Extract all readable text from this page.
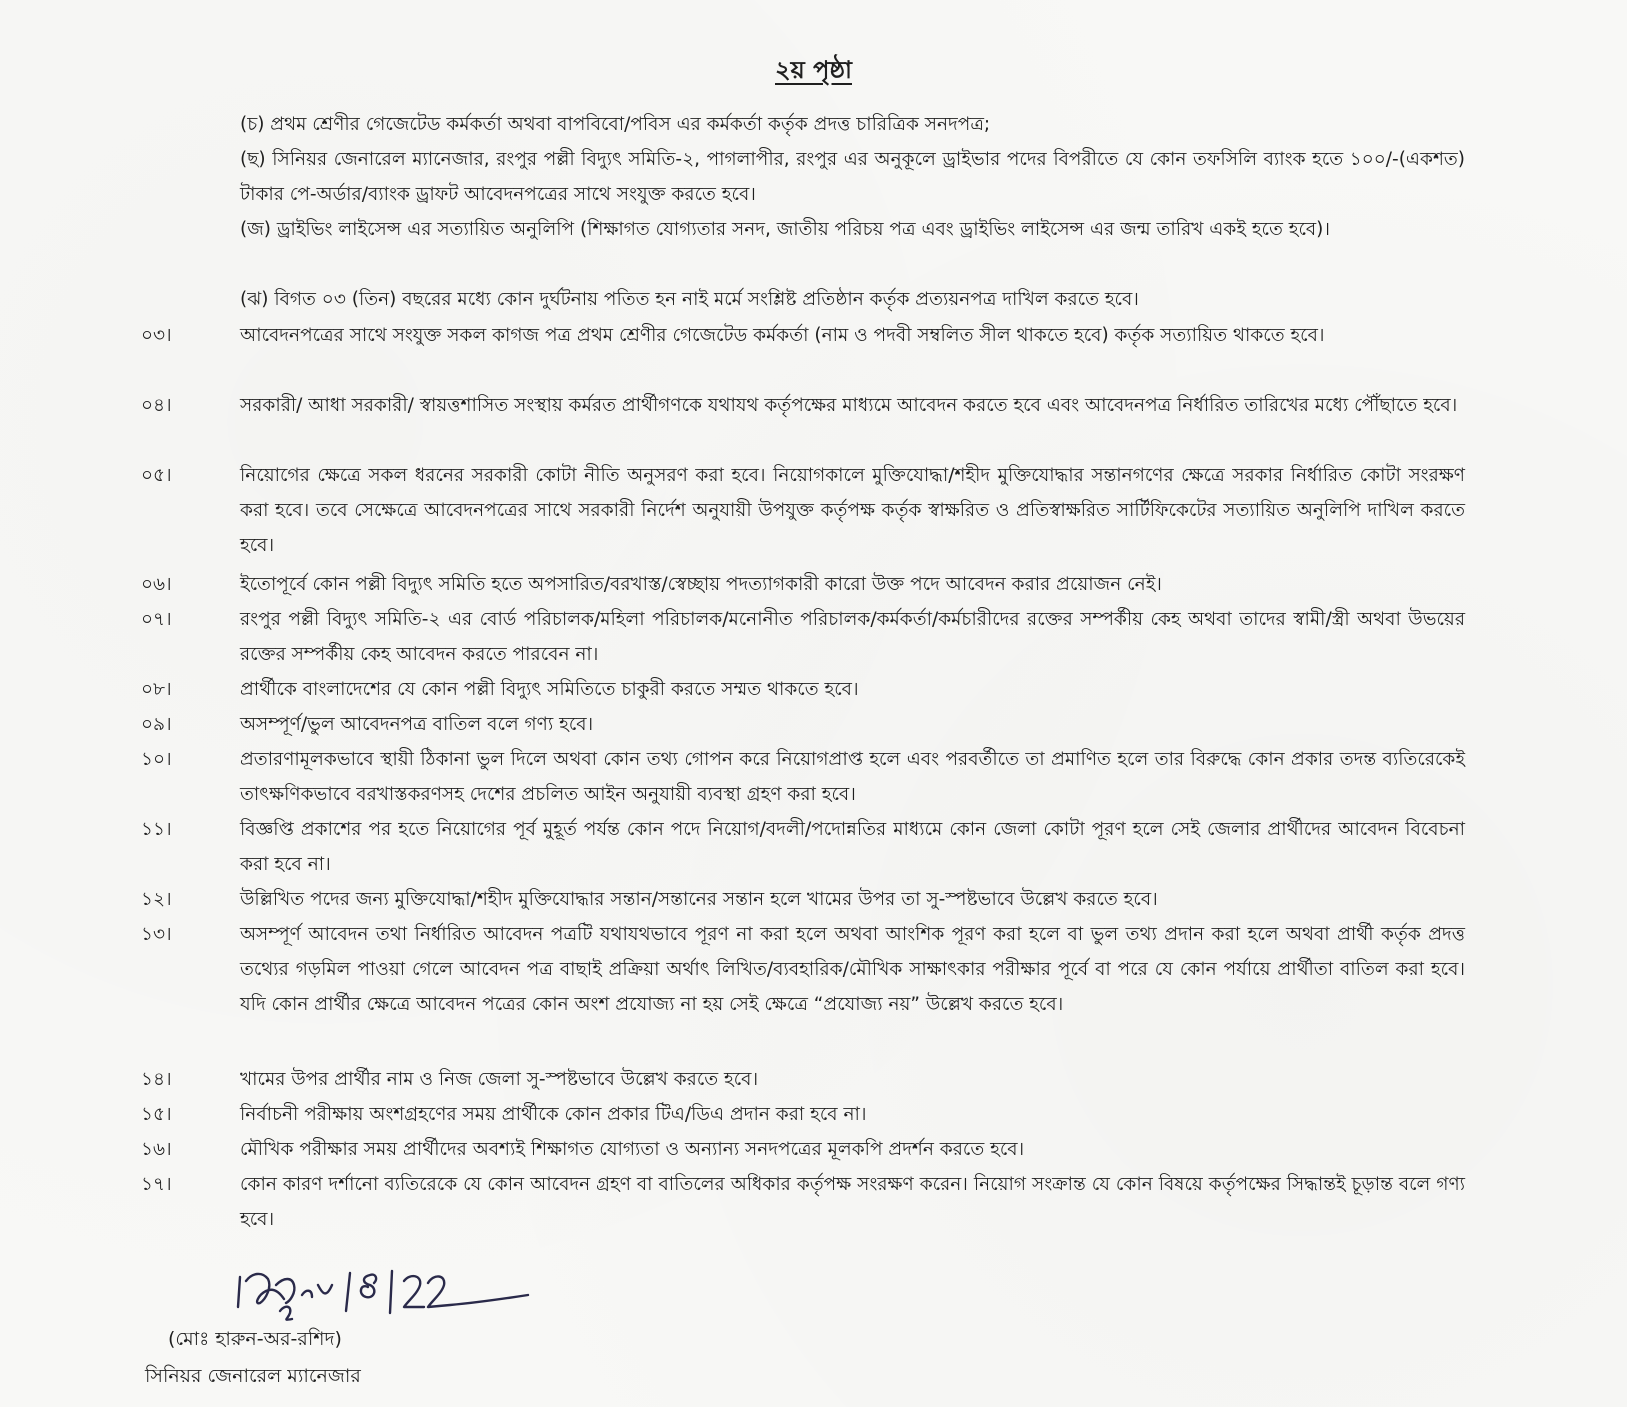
২য় পৃষ্ঠা
(চ) প্রথম শ্রেণীর গেজেটেড কর্মকর্তা অথবা বাপবিবো/পবিস এর কর্মকর্তা কর্তৃক প্রদত্ত চারিত্রিক সনদপত্র;
(ছ) সিনিয়র জেনারেল ম্যানেজার, রংপুর পল্লী বিদ্যুৎ সমিতি-২, পাগলাপীর, রংপুর এর অনুকূলে ড্রাইভার পদের বিপরীতে যে কোন তফসিলি ব্যাংক হতে ১০০/-(একশত) টাকার পে-অর্ডার/ব্যাংক ড্রাফট আবেদনপত্রের সাথে সংযুক্ত করতে হবে।
(জ) ড্রাইভিং লাইসেন্স এর সত্যায়িত অনুলিপি (শিক্ষাগত যোগ্যতার সনদ, জাতীয় পরিচয় পত্র এবং ড্রাইভিং লাইসেন্স এর জন্ম তারিখ একই হতে হবে)।
(ঝ) বিগত ০৩ (তিন) বছরের মধ্যে কোন দুর্ঘটনায় পতিত হন নাই মর্মে সংশ্লিষ্ট প্রতিষ্ঠান কর্তৃক প্রত্যয়নপত্র দাখিল করতে হবে।
০৩।	আবেদনপত্রের সাথে সংযুক্ত সকল কাগজ পত্র প্রথম শ্রেণীর গেজেটেড কর্মকর্তা (নাম ও পদবী সম্বলিত সীল থাকতে হবে) কর্তৃক সত্যায়িত থাকতে হবে।
০৪।	সরকারী/ আধা সরকারী/ স্বায়ত্তশাসিত সংস্থায় কর্মরত প্রার্থীগণকে যথাযথ কর্তৃপক্ষের মাধ্যমে আবেদন করতে হবে এবং আবেদনপত্র নির্ধারিত তারিখের মধ্যে পৌঁছাতে হবে।
০৫।	নিয়োগের ক্ষেত্রে সকল ধরনের সরকারী কোটা নীতি অনুসরণ করা হবে। নিয়োগকালে মুক্তিযোদ্ধা/শহীদ মুক্তিযোদ্ধার সন্তানগণের ক্ষেত্রে সরকার নির্ধারিত কোটা সংরক্ষণ করা হবে। তবে সেক্ষেত্রে আবেদনপত্রের সাথে সরকারী নির্দেশ অনুযায়ী উপযুক্ত কর্তৃপক্ষ কর্তৃক স্বাক্ষরিত ও প্রতিস্বাক্ষরিত সার্টিফিকেটের সত্যায়িত অনুলিপি দাখিল করতে হবে।
০৬।	ইতোপূর্বে কোন পল্লী বিদ্যুৎ সমিতি হতে অপসারিত/বরখাস্ত/স্বেচ্ছায় পদত্যাগকারী কারো উক্ত পদে আবেদন করার প্রয়োজন নেই।
০৭।	রংপুর পল্লী বিদ্যুৎ সমিতি-২ এর বোর্ড পরিচালক/মহিলা পরিচালক/মনোনীত পরিচালক/কর্মকর্তা/কর্মচারীদের রক্তের সম্পর্কীয় কেহ অথবা তাদের স্বামী/স্ত্রী অথবা উভয়ের রক্তের সম্পর্কীয় কেহ আবেদন করতে পারবেন না।
০৮।	প্রার্থীকে বাংলাদেশের যে কোন পল্লী বিদ্যুৎ সমিতিতে চাকুরী করতে সম্মত থাকতে হবে।
০৯।	অসম্পূর্ণ/ভুল আবেদনপত্র বাতিল বলে গণ্য হবে।
১০।	প্রতারণামূলকভাবে স্থায়ী ঠিকানা ভুল দিলে অথবা কোন তথ্য গোপন করে নিয়োগপ্রাপ্ত হলে এবং পরবর্তীতে তা প্রমাণিত হলে তার বিরুদ্ধে কোন প্রকার তদন্ত ব্যতিরেকেই তাৎক্ষণিকভাবে বরখাস্তকরণসহ দেশের প্রচলিত আইন অনুযায়ী ব্যবস্থা গ্রহণ করা হবে।
১১।	বিজ্ঞপ্তি প্রকাশের পর হতে নিয়োগের পূর্ব মুহূর্ত পর্যন্ত কোন পদে নিয়োগ/বদলী/পদোন্নতির মাধ্যমে কোন জেলা কোটা পূরণ হলে সেই জেলার প্রার্থীদের আবেদন বিবেচনা করা হবে না।
১২।	উল্লিখিত পদের জন্য মুক্তিযোদ্ধা/শহীদ মুক্তিযোদ্ধার সন্তান/সন্তানের সন্তান হলে খামের উপর তা সু-স্পষ্টভাবে উল্লেখ করতে হবে।
১৩।	অসম্পূর্ণ আবেদন তথা নির্ধারিত আবেদন পত্রটি যথাযথভাবে পূরণ না করা হলে অথবা আংশিক পূরণ করা হলে বা ভুল তথ্য প্রদান করা হলে অথবা প্রার্থী কর্তৃক প্রদত্ত তথ্যের গড়মিল পাওয়া গেলে আবেদন পত্র বাছাই প্রক্রিয়া অর্থাৎ লিখিত/ব্যবহারিক/মৌখিক সাক্ষাৎকার পরীক্ষার পূর্বে বা পরে যে কোন পর্যায়ে প্রার্থীতা বাতিল করা হবে। যদি কোন প্রার্থীর ক্ষেত্রে আবেদন পত্রের কোন অংশ প্রযোজ্য না হয় সেই ক্ষেত্রে “প্রযোজ্য নয়” উল্লেখ করতে হবে।
১৪।	খামের উপর প্রার্থীর নাম ও নিজ জেলা সু-স্পষ্টভাবে উল্লেখ করতে হবে।
১৫।	নির্বাচনী পরীক্ষায় অংশগ্রহণের সময় প্রার্থীকে কোন প্রকার টিএ/ডিএ প্রদান করা হবে না।
১৬।	মৌখিক পরীক্ষার সময় প্রার্থীদের অবশ্যই শিক্ষাগত যোগ্যতা ও অন্যান্য সনদপত্রের মূলকপি প্রদর্শন করতে হবে।
১৭।	কোন কারণ দর্শানো ব্যতিরেকে যে কোন আবেদন গ্রহণ বা বাতিলের অধিকার কর্তৃপক্ষ সংরক্ষণ করেন। নিয়োগ সংক্রান্ত যে কোন বিষয়ে কর্তৃপক্ষের সিদ্ধান্তই চূড়ান্ত বলে গণ্য হবে।
(মোঃ হারুন-অর-রশিদ)
সিনিয়র জেনারেল ম্যানেজার
